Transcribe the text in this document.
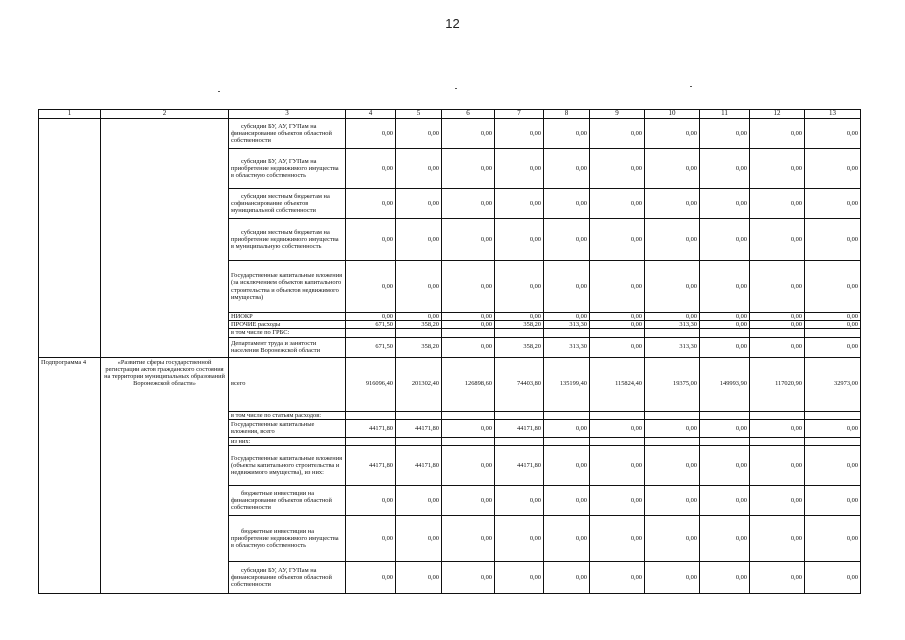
12
1	2	3	4	5	6	7	8	9	10	11	12	13
		субсидии БУ, АУ, ГУПам на финансирование объектов областной собственности	0,00	0,00	0,00	0,00	0,00	0,00	0,00	0,00	0,00	0,00
		субсидии БУ, АУ, ГУПам на приобретение недвижимого имущества в областную собственность	0,00	0,00	0,00	0,00	0,00	0,00	0,00	0,00	0,00	0,00
		субсидии местным бюджетам на софинансирование объектов муниципальной собственности	0,00	0,00	0,00	0,00	0,00	0,00	0,00	0,00	0,00	0,00
		субсидии местным бюджетам на приобретение недвижимого имущества в муниципальную собственность	0,00	0,00	0,00	0,00	0,00	0,00	0,00	0,00	0,00	0,00
		Государственные капитальные вложения (за исключением объектов капитального строительства и объектов недвижимого имущества)	0,00	0,00	0,00	0,00	0,00	0,00	0,00	0,00	0,00	0,00
		НИОКР	0,00	0,00	0,00	0,00	0,00	0,00	0,00	0,00	0,00	0,00
		ПРОЧИЕ расходы	671,50	358,20	0,00	358,20	313,30	0,00	313,30	0,00	0,00	0,00
		в том числе по ГРБС:										
		Департамент труда и занятости населения Воронежской области	671,50	358,20	0,00	358,20	313,30	0,00	313,30	0,00	0,00	0,00
Подпрограмма 4	«Развитие сферы государственной регистрации актов гражданского состояния на территории муниципальных образований Воронежской области»	всего	916096,40	201302,40	126898,60	74403,80	135199,40	115824,40	19375,00	149993,90	117020,90	32973,00
		в том числе по статьям расходов:										
		Государственные капитальные вложения, всего	44171,80	44171,80	0,00	44171,80	0,00	0,00	0,00	0,00	0,00	0,00
		из них:										
		Государственные капитальные вложения (объекты капитального строительства и недвижимого имущества), из них:	44171,80	44171,80	0,00	44171,80	0,00	0,00	0,00	0,00	0,00	0,00
		бюджетные инвестиции на финансирование объектов областной собственности	0,00	0,00	0,00	0,00	0,00	0,00	0,00	0,00	0,00	0,00
		бюджетные инвестиции на приобретение недвижимого имущества в областную собственность	0,00	0,00	0,00	0,00	0,00	0,00	0,00	0,00	0,00	0,00
		субсидии БУ, АУ, ГУПам на финансирование объектов областной собственности	0,00	0,00	0,00	0,00	0,00	0,00	0,00	0,00	0,00	0,00
